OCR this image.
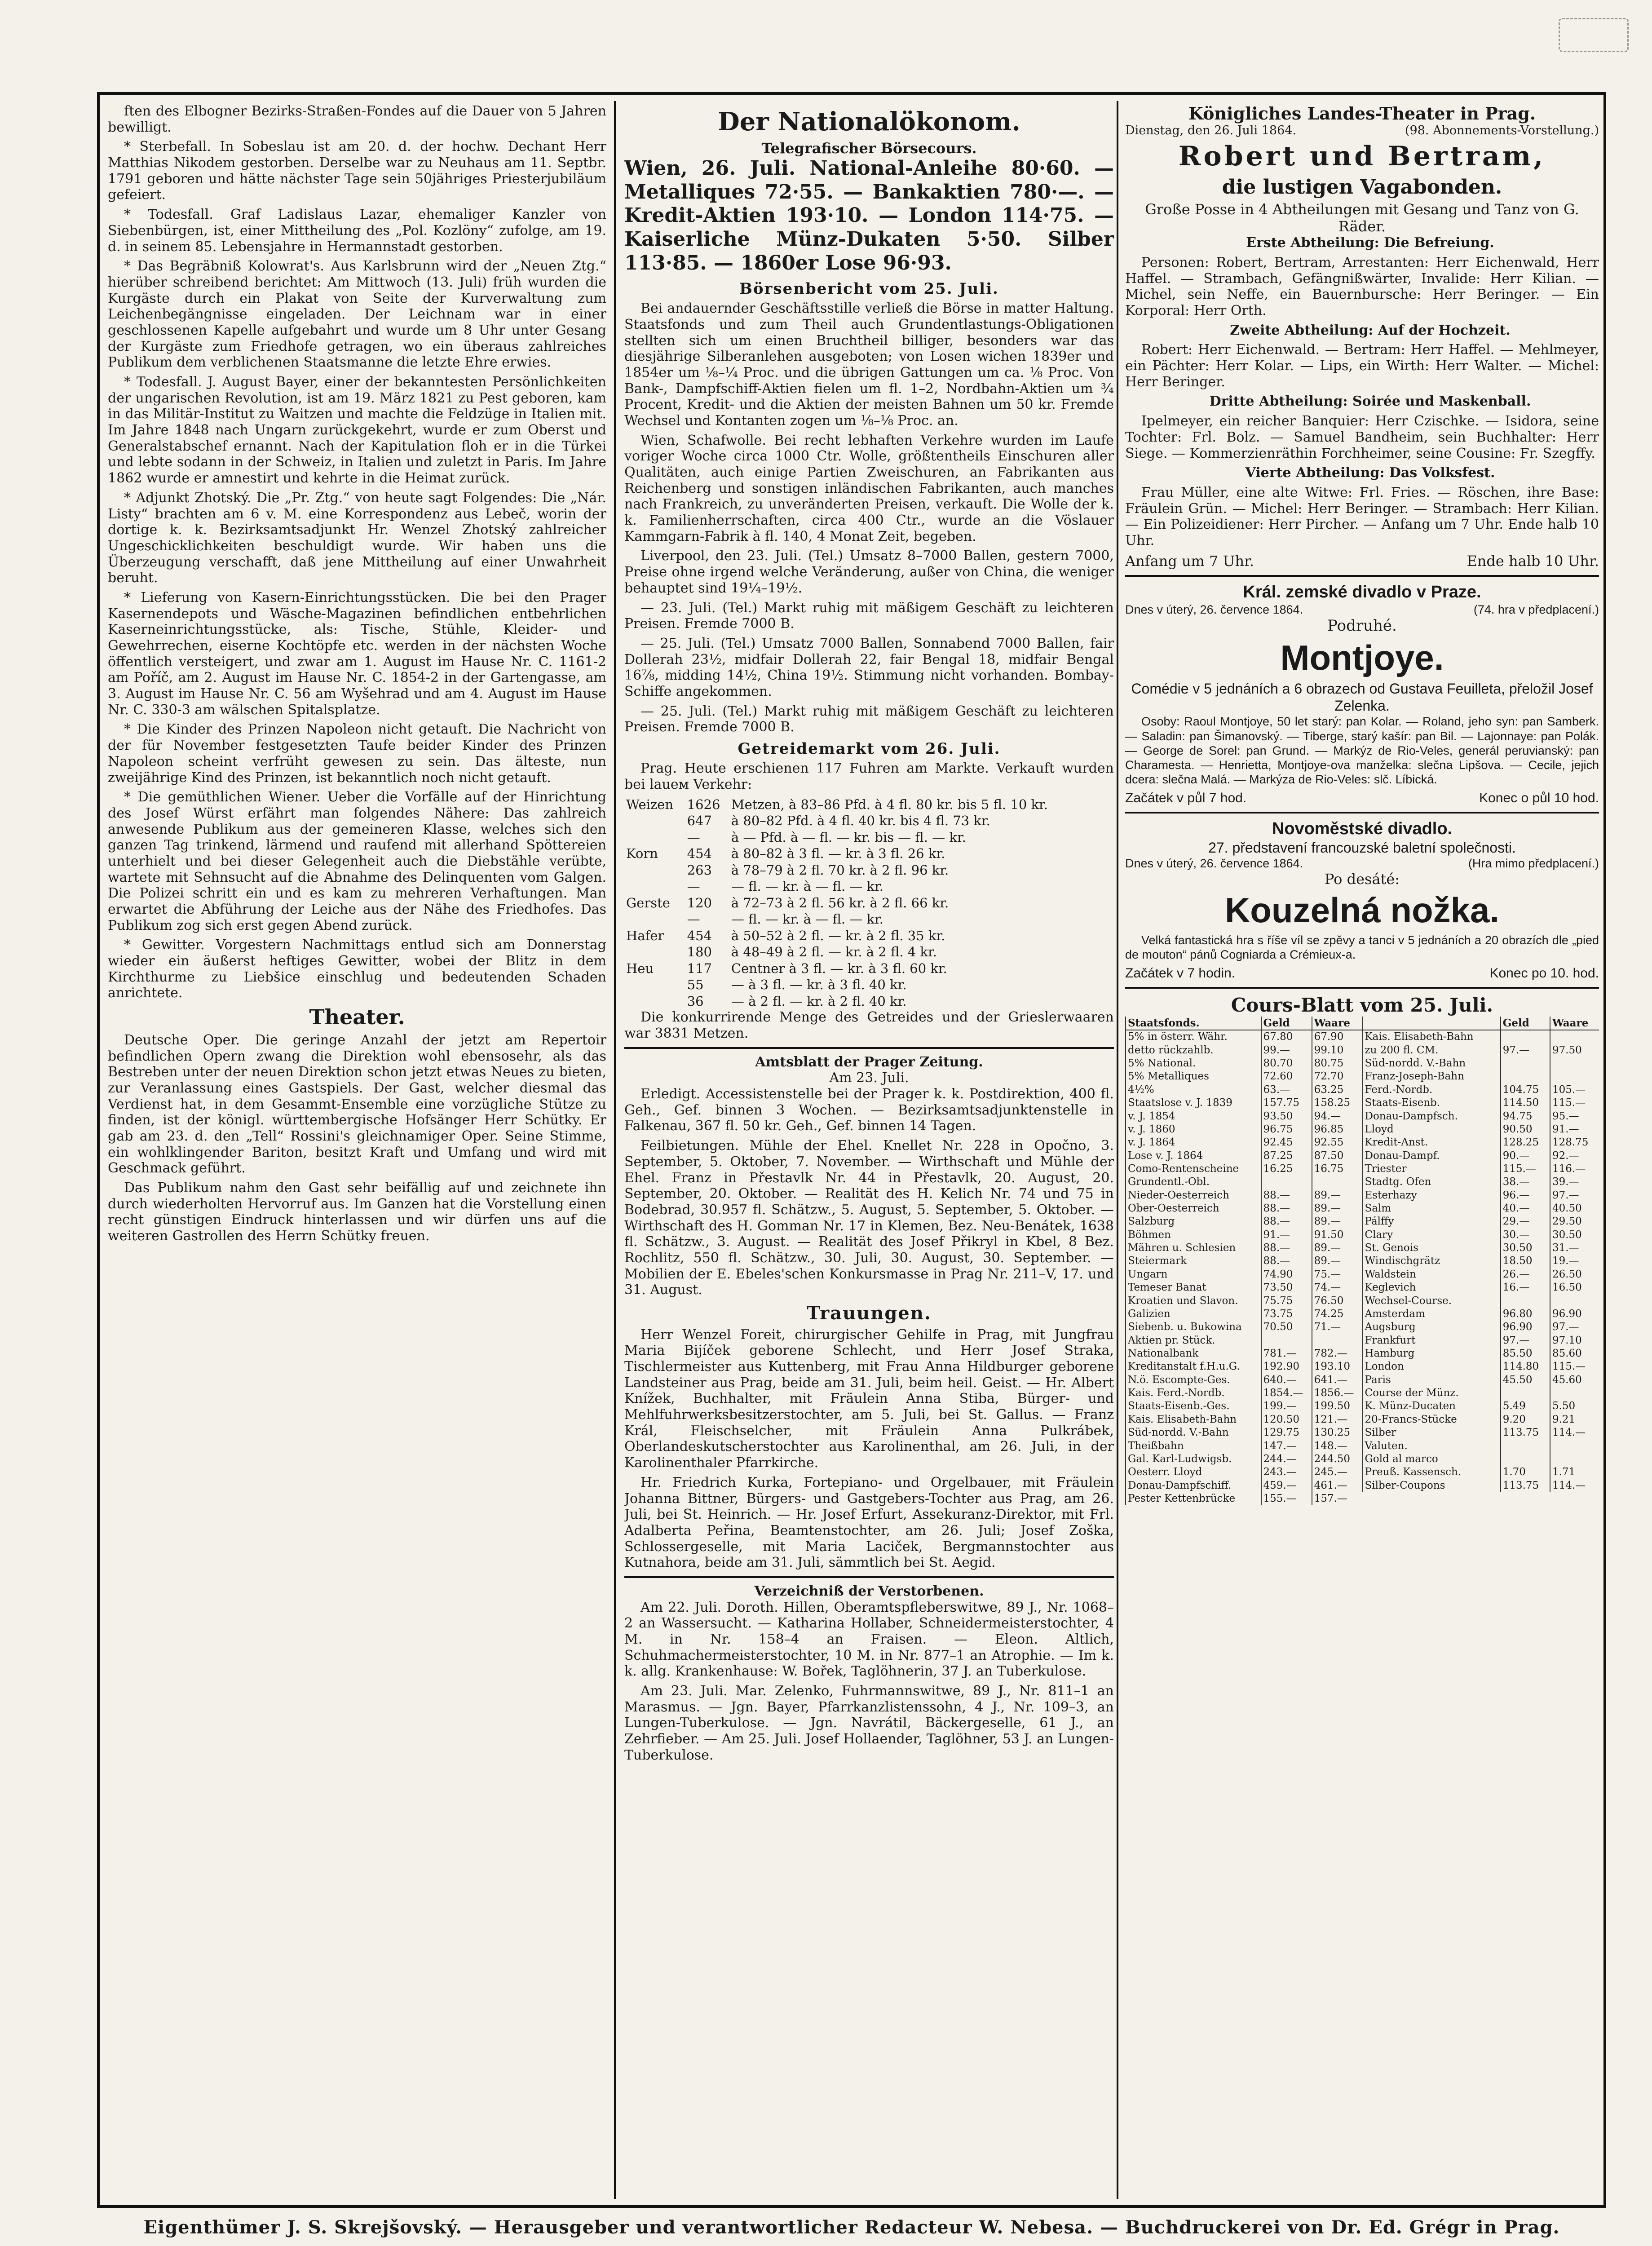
ften des Elbogner Bezirks-Straßen-Fondes auf die Dauer von 5 Jahren bewilligt.

* Sterbefall. In Sobeslau ist am 20. d. der hochw. Dechant Herr Matthias Nikodem gestorben. Derselbe war zu Neuhaus am 11. Septbr. 1791 geboren und hätte nächster Tage sein 50jähriges Priesterjubiläum gefeiert.

* Todesfall. Graf Ladislaus Lazar, ehemaliger Kanzler von Siebenbürgen, ist, einer Mittheilung des „Pol. Kozlöny“ zufolge, am 19. d. in seinem 85. Lebensjahre in Hermannstadt gestorben.

* Das Begräbniß Kolowrat's. Aus Karlsbrunn wird der „Neuen Ztg.“ hierüber schreibend berichtet: Am Mittwoch (13. Juli) früh wurden die Kurgäste durch ein Plakat von Seite der Kurverwaltung zum Leichenbegängnisse eingeladen. Der Leichnam war in einer geschlossenen Kapelle aufgebahrt und wurde um 8 Uhr unter Gesang der Kurgäste zum Friedhofe getragen, wo ein überaus zahlreiches Publikum dem verblichenen Staatsmanne die letzte Ehre erwies.

* Todesfall. J. August Bayer, einer der bekanntesten Persönlichkeiten der ungarischen Revolution, ist am 19. März 1821 zu Pest geboren, kam in das Militär-Institut zu Waitzen und machte die Feldzüge in Italien mit. Im Jahre 1848 nach Ungarn zurückgekehrt, wurde er zum Oberst und Generalstabschef ernannt. Nach der Kapitulation floh er in die Türkei und lebte sodann in der Schweiz, in Italien und zuletzt in Paris. Im Jahre 1862 wurde er amnestirt und kehrte in die Heimat zurück.

* Adjunkt Zhotský. Die „Pr. Ztg.“ von heute sagt Folgendes: Die „Nár. Listy“ brachten am 6 v. M. eine Korrespondenz aus Lebeč, worin der dortige k. k. Bezirksamtsadjunkt Hr. Wenzel Zhotský zahlreicher Ungeschicklichkeiten beschuldigt wurde. Wir haben uns die Überzeugung verschafft, daß jene Mittheilung auf einer Unwahrheit beruht.

* Lieferung von Kasern-Einrichtungsstücken. Die bei den Prager Kasernendepots und Wäsche-Magazinen befindlichen entbehrlichen Kaserneinrichtungsstücke, als: Tische, Stühle, Kleider- und Gewehrrechen, eiserne Kochtöpfe etc. werden in der nächsten Woche öffentlich versteigert, und zwar am 1. August im Hause Nr. C. 1161-2 am Poříč, am 2. August im Hause Nr. C. 1854-2 in der Gartengasse, am 3. August im Hause Nr. C. 56 am Wyšehrad und am 4. August im Hause Nr. C. 330-3 am wälschen Spitalsplatze.

* Die Kinder des Prinzen Napoleon nicht getauft. Die Nachricht von der für November festgesetzten Taufe beider Kinder des Prinzen Napoleon scheint verfrüht gewesen zu sein. Das älteste, nun zweijährige Kind des Prinzen, ist bekanntlich noch nicht getauft.

* Die gemüthlichen Wiener. Ueber die Vorfälle auf der Hinrichtung des Josef Würst erfährt man folgendes Nähere: Das zahlreich anwesende Publikum aus der gemeineren Klasse, welches sich den ganzen Tag trinkend, lärmend und raufend mit allerhand Spöttereien unterhielt und bei dieser Gelegenheit auch die Diebstähle verübte, wartete mit Sehnsucht auf die Abnahme des Delinquenten vom Galgen. Die Polizei schritt ein und es kam zu mehreren Verhaftungen. Man erwartet die Abführung der Leiche aus der Nähe des Friedhofes. Das Publikum zog sich erst gegen Abend zurück.

* Gewitter. Vorgestern Nachmittags entlud sich am Donnerstag wieder ein äußerst heftiges Gewitter, wobei der Blitz in dem Kirchthurme zu Liebšice einschlug und bedeutenden Schaden anrichtete.

Theater.

Deutsche Oper. Die geringe Anzahl der jetzt am Repertoir befindlichen Opern zwang die Direktion wohl ebensosehr, als das Bestreben unter der neuen Direktion schon jetzt etwas Neues zu bieten, zur Veranlassung eines Gastspiels. Der Gast, welcher diesmal das Verdienst hat, in dem Gesammt-Ensemble eine vorzügliche Stütze zu finden, ist der königl. württembergische Hofsänger Herr Schütky. Er gab am 23. d. den „Tell“ Rossini's gleichnamiger Oper. Seine Stimme, ein wohlklingender Bariton, besitzt Kraft und Umfang und wird mit Geschmack geführt.

Das Publikum nahm den Gast sehr beifällig auf und zeichnete ihn durch wiederholten Hervorruf aus. Im Ganzen hat die Vorstellung einen recht günstigen Eindruck hinterlassen und wir dürfen uns auf die weiteren Gastrollen des Herrn Schütky freuen.

Der Nationalökonom.
Telegrafischer Börsecours.
Wien, 26. Juli. National-Anleihe 80·60. — Metalliques 72·55. — Bankaktien 780·—. — Kredit-Aktien 193·10. — London 114·75. — Kaiserliche Münz-Dukaten 5·50. Silber 113·85. — 1860er Lose 96·93.
Börsenbericht vom 25. Juli.

Bei andauernder Geschäftsstille verließ die Börse in matter Haltung. Staatsfonds und zum Theil auch Grundentlastungs-Obligationen stellten sich um einen Bruchtheil billiger, besonders war das diesjährige Silberanlehen ausgeboten; von Losen wichen 1839er und 1854er um ⅛–¼ Proc. und die übrigen Gattungen um ca. ⅛ Proc. Von Bank-, Dampfschiff-Aktien fielen um fl. 1–2, Nordbahn-Aktien um ¾ Procent, Kredit- und die Aktien der meisten Bahnen um 50 kr. Fremde Wechsel und Kontanten zogen um ⅛–⅛ Proc. an.

Wien, Schafwolle. Bei recht lebhaften Verkehre wurden im Laufe voriger Woche circa 1000 Ctr. Wolle, größtentheils Einschuren aller Qualitäten, auch einige Partien Zweischuren, an Fabrikanten aus Reichenberg und sonstigen inländischen Fabrikanten, auch manches nach Frankreich, zu unveränderten Preisen, verkauft. Die Wolle der k. k. Familienherrschaften, circa 400 Ctr., wurde an die Vöslauer Kammgarn-Fabrik à fl. 140, 4 Monat Zeit, begeben.

Liverpool, den 23. Juli. (Tel.) Umsatz 8–7000 Ballen, gestern 7000, Preise ohne irgend welche Veränderung, außer von China, die weniger behauptet sind 19¼–19½.

— 23. Juli. (Tel.) Markt ruhig mit mäßigem Geschäft zu leichteren Preisen. Fremde 7000 B.

— 25. Juli. (Tel.) Umsatz 7000 Ballen, Sonnabend 7000 Ballen, fair Dollerah 23½, midfair Dollerah 22, fair Bengal 18, midfair Bengal 16⅞, midding 14½, China 19½. Stimmung nicht vorhanden. Bombay-Schiffe angekommen.

— 25. Juli. (Tel.) Markt ruhig mit mäßigem Geschäft zu leichteren Preisen. Fremde 7000 B.

Getreidemarkt vom 26. Juli.

Prag. Heute erschienen 117 Fuhren am Markte. Verkauft wurden bei laueм Verkehr:

Weizen	1626	Metzen, à 83–86 Pfd. à 4 fl. 80 kr. bis 5 fl. 10 kr.
	647	à 80–82 Pfd. à 4 fl. 40 kr. bis 4 fl. 73 kr.
	—	à — Pfd. à — fl. — kr. bis — fl. — kr.
Korn	454	à 80–82 à 3 fl. — kr. à 3 fl. 26 kr.
	263	à 78–79 à 2 fl. 70 kr. à 2 fl. 96 kr.
	—	— fl. — kr. à — fl. — kr.
Gerste	120	à 72–73 à 2 fl. 56 kr. à 2 fl. 66 kr.
	—	— fl. — kr. à — fl. — kr.
Hafer	454	à 50–52 à 2 fl. — kr. à 2 fl. 35 kr.
	180	à 48–49 à 2 fl. — kr. à 2 fl. 4 kr.
Heu	117	Centner à 3 fl. — kr. à 3 fl. 60 kr.
	55	— à 3 fl. — kr. à 3 fl. 40 kr.
	36	— à 2 fl. — kr. à 2 fl. 40 kr.

Die konkurrirende Menge des Getreides und der Grieslerwaaren war 3831 Metzen.

Amtsblatt der Prager Zeitung.
Am 23. Juli.

Erledigt. Accessistenstelle bei der Prager k. k. Postdirektion, 400 fl. Geh., Gef. binnen 3 Wochen. — Bezirksamtsadjunktenstelle in Falkenau, 367 fl. 50 kr. Geh., Gef. binnen 14 Tagen.

Feilbietungen. Mühle der Ehel. Knellet Nr. 228 in Opočno, 3. September, 5. Oktober, 7. November. — Wirthschaft und Mühle der Ehel. Franz in Přestavlk Nr. 44 in Přestavlk, 20. August, 20. September, 20. Oktober. — Realität des H. Kelich Nr. 74 und 75 in Bodebrad, 30.957 fl. Schätzw., 5. August, 5. September, 5. Oktober. — Wirthschaft des H. Gomman Nr. 17 in Klemen, Bez. Neu-Benátek, 1638 fl. Schätzw., 3. August. — Realität des Josef Přikryl in Kbel, 8 Bez. Rochlitz, 550 fl. Schätzw., 30. Juli, 30. August, 30. September. — Mobilien der E. Ebeles'schen Konkursmasse in Prag Nr. 211–V, 17. und 31. August.

Trauungen.

Herr Wenzel Foreit, chirurgischer Gehilfe in Prag, mit Jungfrau Maria Bijíček geborene Schlecht, und Herr Josef Straka, Tischlermeister aus Kuttenberg, mit Frau Anna Hildburger geborene Landsteiner aus Prag, beide am 31. Juli, beim heil. Geist. — Hr. Albert Knížek, Buchhalter, mit Fräulein Anna Stiba, Bürger- und Mehlfuhrwerksbesitzerstochter, am 5. Juli, bei St. Gallus. — Franz Král, Fleischselcher, mit Fräulein Anna Pulkrábek, Oberlandeskutscherstochter aus Karolinenthal, am 26. Juli, in der Karolinenthaler Pfarrkirche.

Hr. Friedrich Kurka, Fortepiano- und Orgelbauer, mit Fräulein Johanna Bittner, Bürgers- und Gastgebers-Tochter aus Prag, am 26. Juli, bei St. Heinrich. — Hr. Josef Erfurt, Assekuranz-Direktor, mit Frl. Adalberta Peřina, Beamtenstochter, am 26. Juli; Josef Zoška, Schlossergeselle, mit Maria Laciček, Bergmannstochter aus Kutnahora, beide am 31. Juli, sämmtlich bei St. Aegid.

Verzeichniß der Verstorbenen.

Am 22. Juli. Doroth. Hillen, Oberamtspfleberswitwe, 89 J., Nr. 1068–2 an Wassersucht. — Katharina Hollaber, Schneidermeisterstochter, 4 M. in Nr. 158–4 an Fraisen. — Eleon. Altlich, Schuhmachermeisterstochter, 10 M. in Nr. 877–1 an Atrophie. — Im k. k. allg. Krankenhause: W. Bořek, Taglöhnerin, 37 J. an Tuberkulose.

Am 23. Juli. Mar. Zelenko, Fuhrmannswitwe, 89 J., Nr. 811–1 an Marasmus. — Jgn. Bayer, Pfarrkanzlistenssohn, 4 J., Nr. 109–3, an Lungen-Tuberkulose. — Jgn. Navrátil, Bäckergeselle, 61 J., an Zehrfieber. — Am 25. Juli. Josef Hollaender, Taglöhner, 53 J. an Lungen-Tuberkulose.

Königliches Landes-Theater in Prag.
Dienstag, den 26. Juli 1864.	(98. Abonnements-Vorstellung.)
Robert und Bertram,
die lustigen Vagabonden.
Große Posse in 4 Abtheilungen mit Gesang und Tanz von G. Räder.

Erste Abtheilung: Die Befreiung.

Personen: Robert, Bertram, Arrestanten: Herr Eichenwald, Herr Haffel. — Strambach, Gefängnißwärter, Invalide: Herr Kilian. — Michel, sein Neffe, ein Bauernbursche: Herr Beringer. — Ein Korporal: Herr Orth.

Zweite Abtheilung: Auf der Hochzeit.

Robert: Herr Eichenwald. — Bertram: Herr Haffel. — Mehlmeyer, ein Pächter: Herr Kolar. — Lips, ein Wirth: Herr Walter. — Michel: Herr Beringer.

Dritte Abtheilung: Soirée und Maskenball.

Ipelmeyer, ein reicher Banquier: Herr Czischke. — Isidora, seine Tochter: Frl. Bolz. — Samuel Bandheim, sein Buchhalter: Herr Siege. — Kommerzienräthin Forchheimer, seine Cousine: Fr. Szegffy.

Vierte Abtheilung: Das Volksfest.

Frau Müller, eine alte Witwe: Frl. Fries. — Röschen, ihre Base: Fräulein Grün. — Michel: Herr Beringer. — Strambach: Herr Kilian. — Ein Polizeidiener: Herr Pircher. — Anfang um 7 Uhr. Ende halb 10 Uhr.

Anfang um 7 Uhr.	Ende halb 10 Uhr.
Král. zemské divadlo v Praze.
Dnes v úterý, 26. července 1864.	(74. hra v předplacení.)
Podruhé.
Montjoye.
Comédie v 5 jednáních a 6 obrazech od Gustava Feuilleta, přeložil Josef Zelenka.

Osoby: Raoul Montjoye, 50 let starý: pan Kolar. — Roland, jeho syn: pan Samberk. — Saladin: pan Šimanovský. — Tiberge, starý kašír: pan Bil. — Lajonnaye: pan Polák. — George de Sorel: pan Grund. — Markýz de Rio-Veles, generál peruvianský: pan Charamesta. — Henrietta, Montjoye-ova manželka: slečna Lipšova. — Cecile, jejich dcera: slečna Malá. — Markýza de Rio-Veles: slč. Líbická.

Začátek v půl 7 hod.	Konec o půl 10 hod.
Novoměstské divadlo.
27. představení francouzské baletní společnosti.
Dnes v úterý, 26. července 1864.	(Hra mimo předplacení.)
Po desáté:
Kouzelná nožka.

Velká fantastická hra s říše víl se zpěvy a tanci v 5 jednáních a 20 obrazích dle „pied de mouton“ pánů Cogniarda a Crémieux-a.

Začátek v 7 hodin.	Konec po 10. hod.
Cours-Blatt vom 25. Juli.
Staatsfonds.	Geld	Waare
5% in österr. Währ.	67.80	67.90
detto rückzahlb.	99.—	99.10
5% National.	80.70	80.75
5% Metalliques	72.60	72.70
4½%	63.—	63.25
Staatslose v. J. 1839	157.75	158.25
v. J. 1854	93.50	94.—
v. J. 1860	96.75	96.85
v. J. 1864	92.45	92.55
Lose v. J. 1864	87.25	87.50
Como-Rentenscheine	16.25	16.75
Grundentl.-Obl.		
Nieder-Oesterreich	88.—	89.—
Ober-Oesterreich	88.—	89.—
Salzburg	88.—	89.—
Böhmen	91.—	91.50
Mähren u. Schlesien	88.—	89.—
Steiermark	88.—	89.—
Ungarn	74.90	75.—
Temeser Banat	73.50	74.—
Kroatien und Slavon.	75.75	76.50
Galizien	73.75	74.25
Siebenb. u. Bukowina	70.50	71.—
Aktien pr. Stück.		
Nationalbank	781.—	782.—
Kreditanstalt f.H.u.G.	192.90	193.10
N.ö. Escompte-Ges.	640.—	641.—
Kais. Ferd.-Nordb.	1854.—	1856.—
Staats-Eisenb.-Ges.	199.—	199.50
Kais. Elisabeth-Bahn	120.50	121.—
Süd-nordd. V.-Bahn	129.75	130.25
Theißbahn	147.—	148.—
Gal. Karl-Ludwigsb.	244.—	244.50
Oesterr. Lloyd	243.—	245.—
Donau-Dampfschiff.	459.—	461.—
Pester Kettenbrücke	155.—	157.—
	Geld	Waare
Kais. Elisabeth-Bahn		
zu 200 fl. CM.	97.—	97.50
Süd-nordd. V.-Bahn		
Franz-Joseph-Bahn		
Ferd.-Nordb.	104.75	105.—
Staats-Eisenb.	114.50	115.—
Donau-Dampfsch.	94.75	95.—
Lloyd	90.50	91.—
Kredit-Anst.	128.25	128.75
Donau-Dampf.	90.—	92.—
Triester	115.—	116.—
Stadtg. Ofen	38.—	39.—
Esterhazy	96.—	97.—
Salm	40.—	40.50
Pálffy	29.—	29.50
Clary	30.—	30.50
St. Genois	30.50	31.—
Windischgrätz	18.50	19.—
Waldstein	26.—	26.50
Keglevich	16.—	16.50
Wechsel-Course.		
Amsterdam	96.80	96.90
Augsburg	96.90	97.—
Frankfurt	97.—	97.10
Hamburg	85.50	85.60
London	114.80	115.—
Paris	45.50	45.60
Course der Münz.		
K. Münz-Ducaten	5.49	5.50
20-Francs-Stücke	9.20	9.21
Silber	113.75	114.—
Valuten.		
Gold al marco		
Preuß. Kassensch.	1.70	1.71
Silber-Coupons	113.75	114.—
Eigenthümer J. S. Skrejšovský. — Herausgeber und verantwortlicher Redacteur W. Nebesa. — Buchdruckerei von Dr. Ed. Grégr in Prag.
